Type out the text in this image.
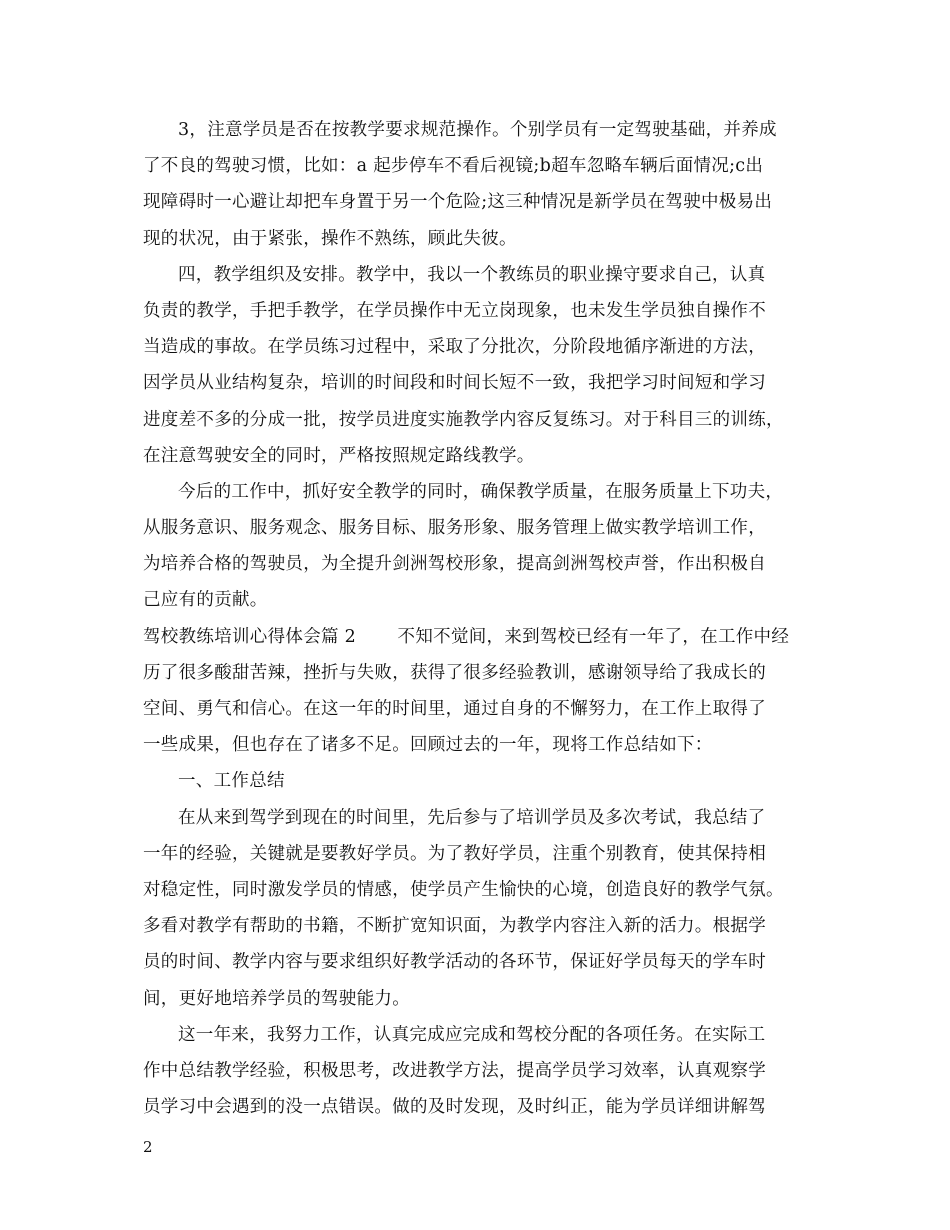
3，注意学员是否在按教学要求规范操作。个别学员有一定驾驶基础，并养成
了不良的驾驶习惯，比如：a 起步停车不看后视镜;b超车忽略车辆后面情况;c出
现障碍时一心避让却把车身置于另一个危险;这三种情况是新学员在驾驶中极易出
现的状况，由于紧张，操作不熟练，顾此失彼。
四，教学组织及安排。教学中，我以一个教练员的职业操守要求自己，认真
负责的教学，手把手教学，在学员操作中无立岗现象，也未发生学员独自操作不
当造成的事故。在学员练习过程中，采取了分批次，分阶段地循序渐进的方法，
因学员从业结构复杂，培训的时间段和时间长短不一致，我把学习时间短和学习
进度差不多的分成一批，按学员进度实施教学内容反复练习。对于科目三的训练，
在注意驾驶安全的同时，严格按照规定路线教学。
今后的工作中，抓好安全教学的同时，确保教学质量，在服务质量上下功夫，
从服务意识、服务观念、服务目标、服务形象、服务管理上做实教学培训工作，
为培养合格的驾驶员，为全提升剑洲驾校形象，提高剑洲驾校声誉，作出积极自
己应有的贡献。
驾校教练培训心得体会篇 2　　 不知不觉间，来到驾校已经有一年了，在工作中经
历了很多酸甜苦辣，挫折与失败，获得了很多经验教训，感谢领导给了我成长的
空间、勇气和信心。在这一年的时间里，通过自身的不懈努力，在工作上取得了
一些成果，但也存在了诸多不足。回顾过去的一年，现将工作总结如下：
一、工作总结
在从来到驾学到现在的时间里，先后参与了培训学员及多次考试，我总结了
一年的经验，关键就是要教好学员。为了教好学员，注重个别教育，使其保持相
对稳定性，同时激发学员的情感，使学员产生愉快的心境，创造良好的教学气氛。
多看对教学有帮助的书籍，不断扩宽知识面，为教学内容注入新的活力。根据学
员的时间、教学内容与要求组织好教学活动的各环节，保证好学员每天的学车时
间，更好地培养学员的驾驶能力。
这一年来，我努力工作，认真完成应完成和驾校分配的各项任务。在实际工
作中总结教学经验，积极思考，改进教学方法，提高学员学习效率，认真观察学
员学习中会遇到的没一点错误。做的及时发现，及时纠正，能为学员详细讲解驾
2
